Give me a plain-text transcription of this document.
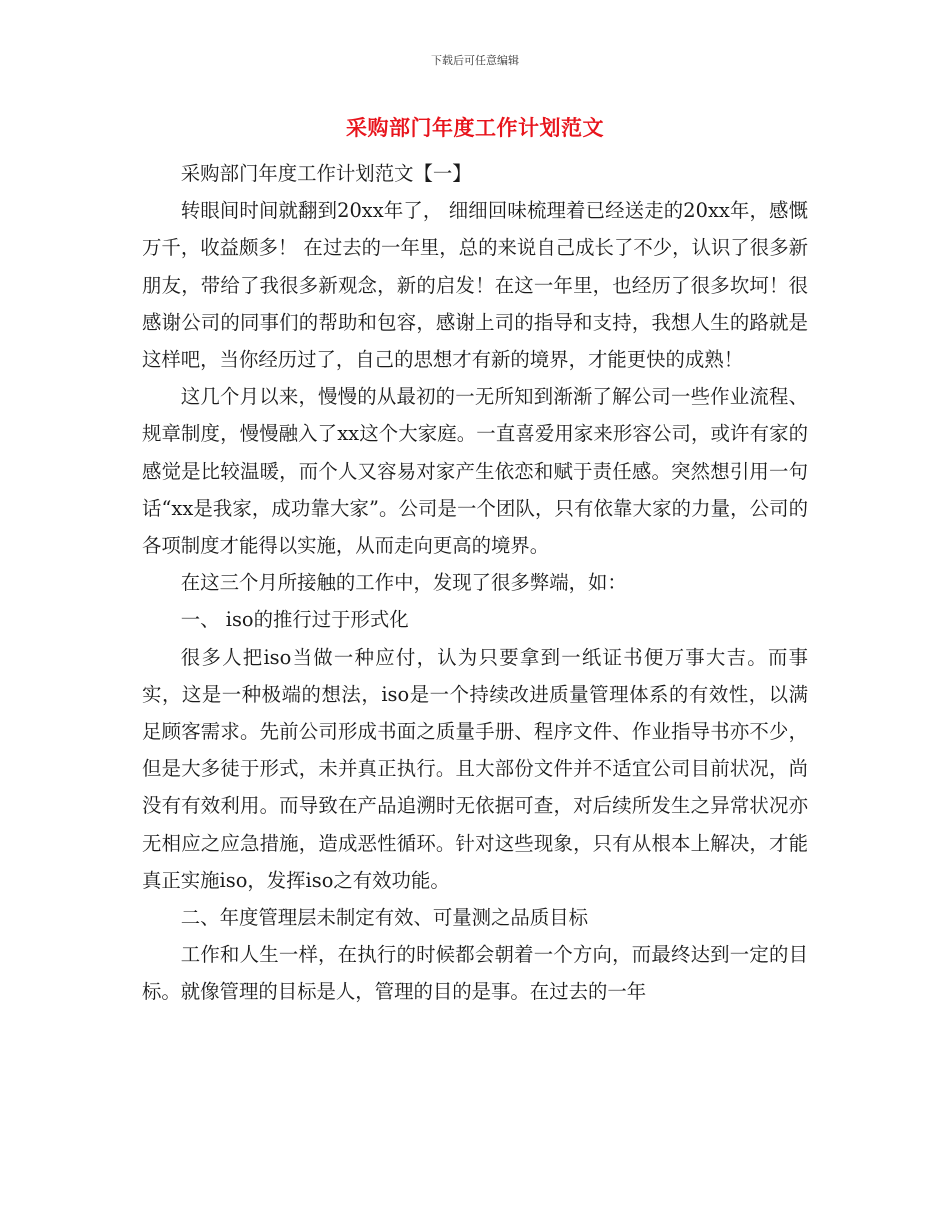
下载后可任意编辑
采购部门年度工作计划范文

采购部门年度工作计划范文【一】

转眼间时间就翻到20xx年了， 细细回味梳理着已经送走的20xx年，感慨万千，收益颇多！ 在过去的一年里，总的来说自己成长了不少，认识了很多新朋友，带给了我很多新观念，新的启发！在这一年里，也经历了很多坎坷！很感谢公司的同事们的帮助和包容，感谢上司的指导和支持，我想人生的路就是这样吧，当你经历过了，自己的思想才有新的境界，才能更快的成熟！

这几个月以来，慢慢的从最初的一无所知到渐渐了解公司一些作业流程、规章制度，慢慢融入了xx这个大家庭。一直喜爱用家来形容公司，或许有家的感觉是比较温暖，而个人又容易对家产生依恋和赋于责任感。突然想引用一句话“xx是我家，成功靠大家”。公司是一个团队，只有依靠大家的力量，公司的各项制度才能得以实施，从而走向更高的境界。

在这三个月所接触的工作中，发现了很多弊端，如：

一、 iso的推行过于形式化

很多人把iso当做一种应付，认为只要拿到一纸证书便万事大吉。而事实，这是一种极端的想法，iso是一个持续改进质量管理体系的有效性，以满足顾客需求。先前公司形成书面之质量手册、程序文件、作业指导书亦不少，但是大多徒于形式，未并真正执行。且大部份文件并不适宜公司目前状况，尚没有有效利用。而导致在产品追溯时无依据可查，对后续所发生之异常状况亦无相应之应急措施，造成恶性循环。针对这些现象，只有从根本上解决，才能真正实施iso，发挥iso之有效功能。

二、年度管理层未制定有效、可量测之品质目标

工作和人生一样，在执行的时候都会朝着一个方向，而最终达到一定的目标。就像管理的目标是人，管理的目的是事。在过去的一年
